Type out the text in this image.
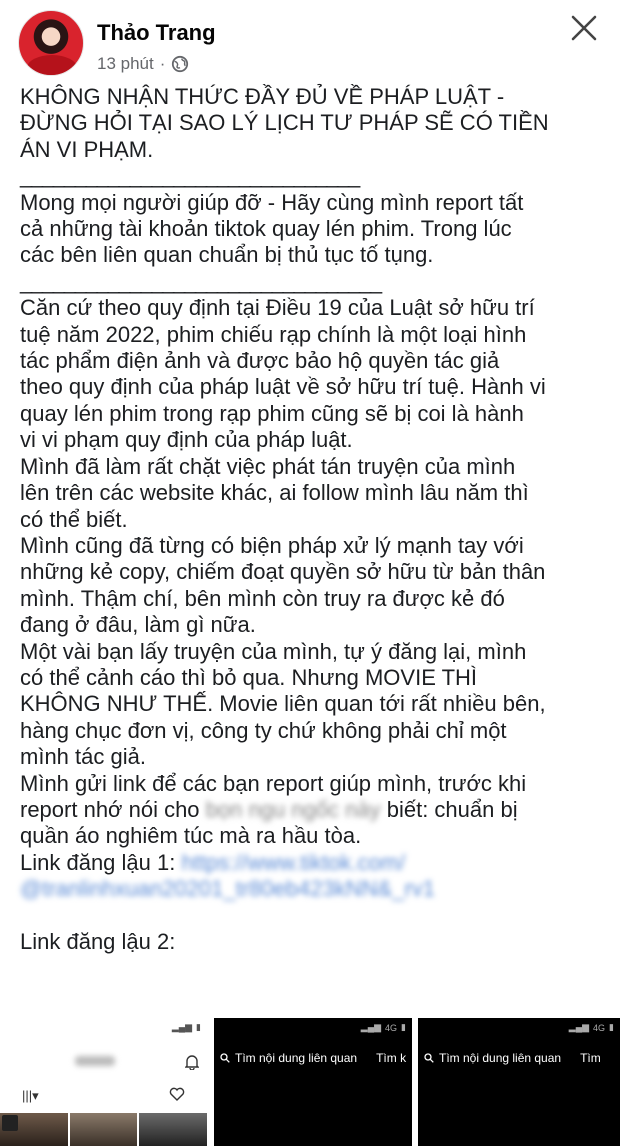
Thảo Trang
13 phút ·

KHÔNG NHẬN THỨC ĐẦY ĐỦ VỀ PHÁP LUẬT -

ĐỪNG HỎI TẠI SAO LÝ LỊCH TƯ PHÁP SẼ CÓ TIỀN

ÁN VI PHẠM.

_______________________________

Mong mọi người giúp đỡ - Hãy cùng mình report tất

cả những tài khoản tiktok quay lén phim. Trong lúc

các bên liên quan chuẩn bị thủ tục tố tụng.

_________________________________

Căn cứ theo quy định tại Điều 19 của Luật sở hữu trí

tuệ năm 2022, phim chiếu rạp chính là một loại hình

tác phẩm điện ảnh và được bảo hộ quyền tác giả

theo quy định của pháp luật về sở hữu trí tuệ. Hành vi

quay lén phim trong rạp phim cũng sẽ bị coi là hành

vi vi phạm quy định của pháp luật.

Mình đã làm rất chặt việc phát tán truyện của mình

lên trên các website khác, ai follow mình lâu năm thì

có thể biết.

Mình cũng đã từng có biện pháp xử lý mạnh tay với

những kẻ copy, chiếm đoạt quyền sở hữu từ bản thân

mình. Thậm chí, bên mình còn truy ra được kẻ đó

đang ở đâu, làm gì nữa.

Một vài bạn lấy truyện của mình, tự ý đăng lại, mình

có thể cảnh cáo thì bỏ qua. Nhưng MOVIE THÌ

KHÔNG NHƯ THẾ. Movie liên quan tới rất nhiều bên,

hàng chục đơn vị, công ty chứ không phải chỉ một

mình tác giả.

Mình gửi link để các bạn report giúp mình, trước khi

report nhớ nói cho bọn ngu ngốc này biết: chuẩn bị

quần áo nghiêm túc mà ra hầu tòa.

Link đăng lậu 1: https://www.tiktok.com/

@tranlinhxuan20201_tr80eb423kNN&_rv1

Link đăng lậu 2:

▂▄▆ ▮
|||▾
▂▄▆ 4G ▮
Tìm nội dung liên quan Tìm k
▂▄▆ 4G ▮
Tìm nội dung liên quan Tìm
